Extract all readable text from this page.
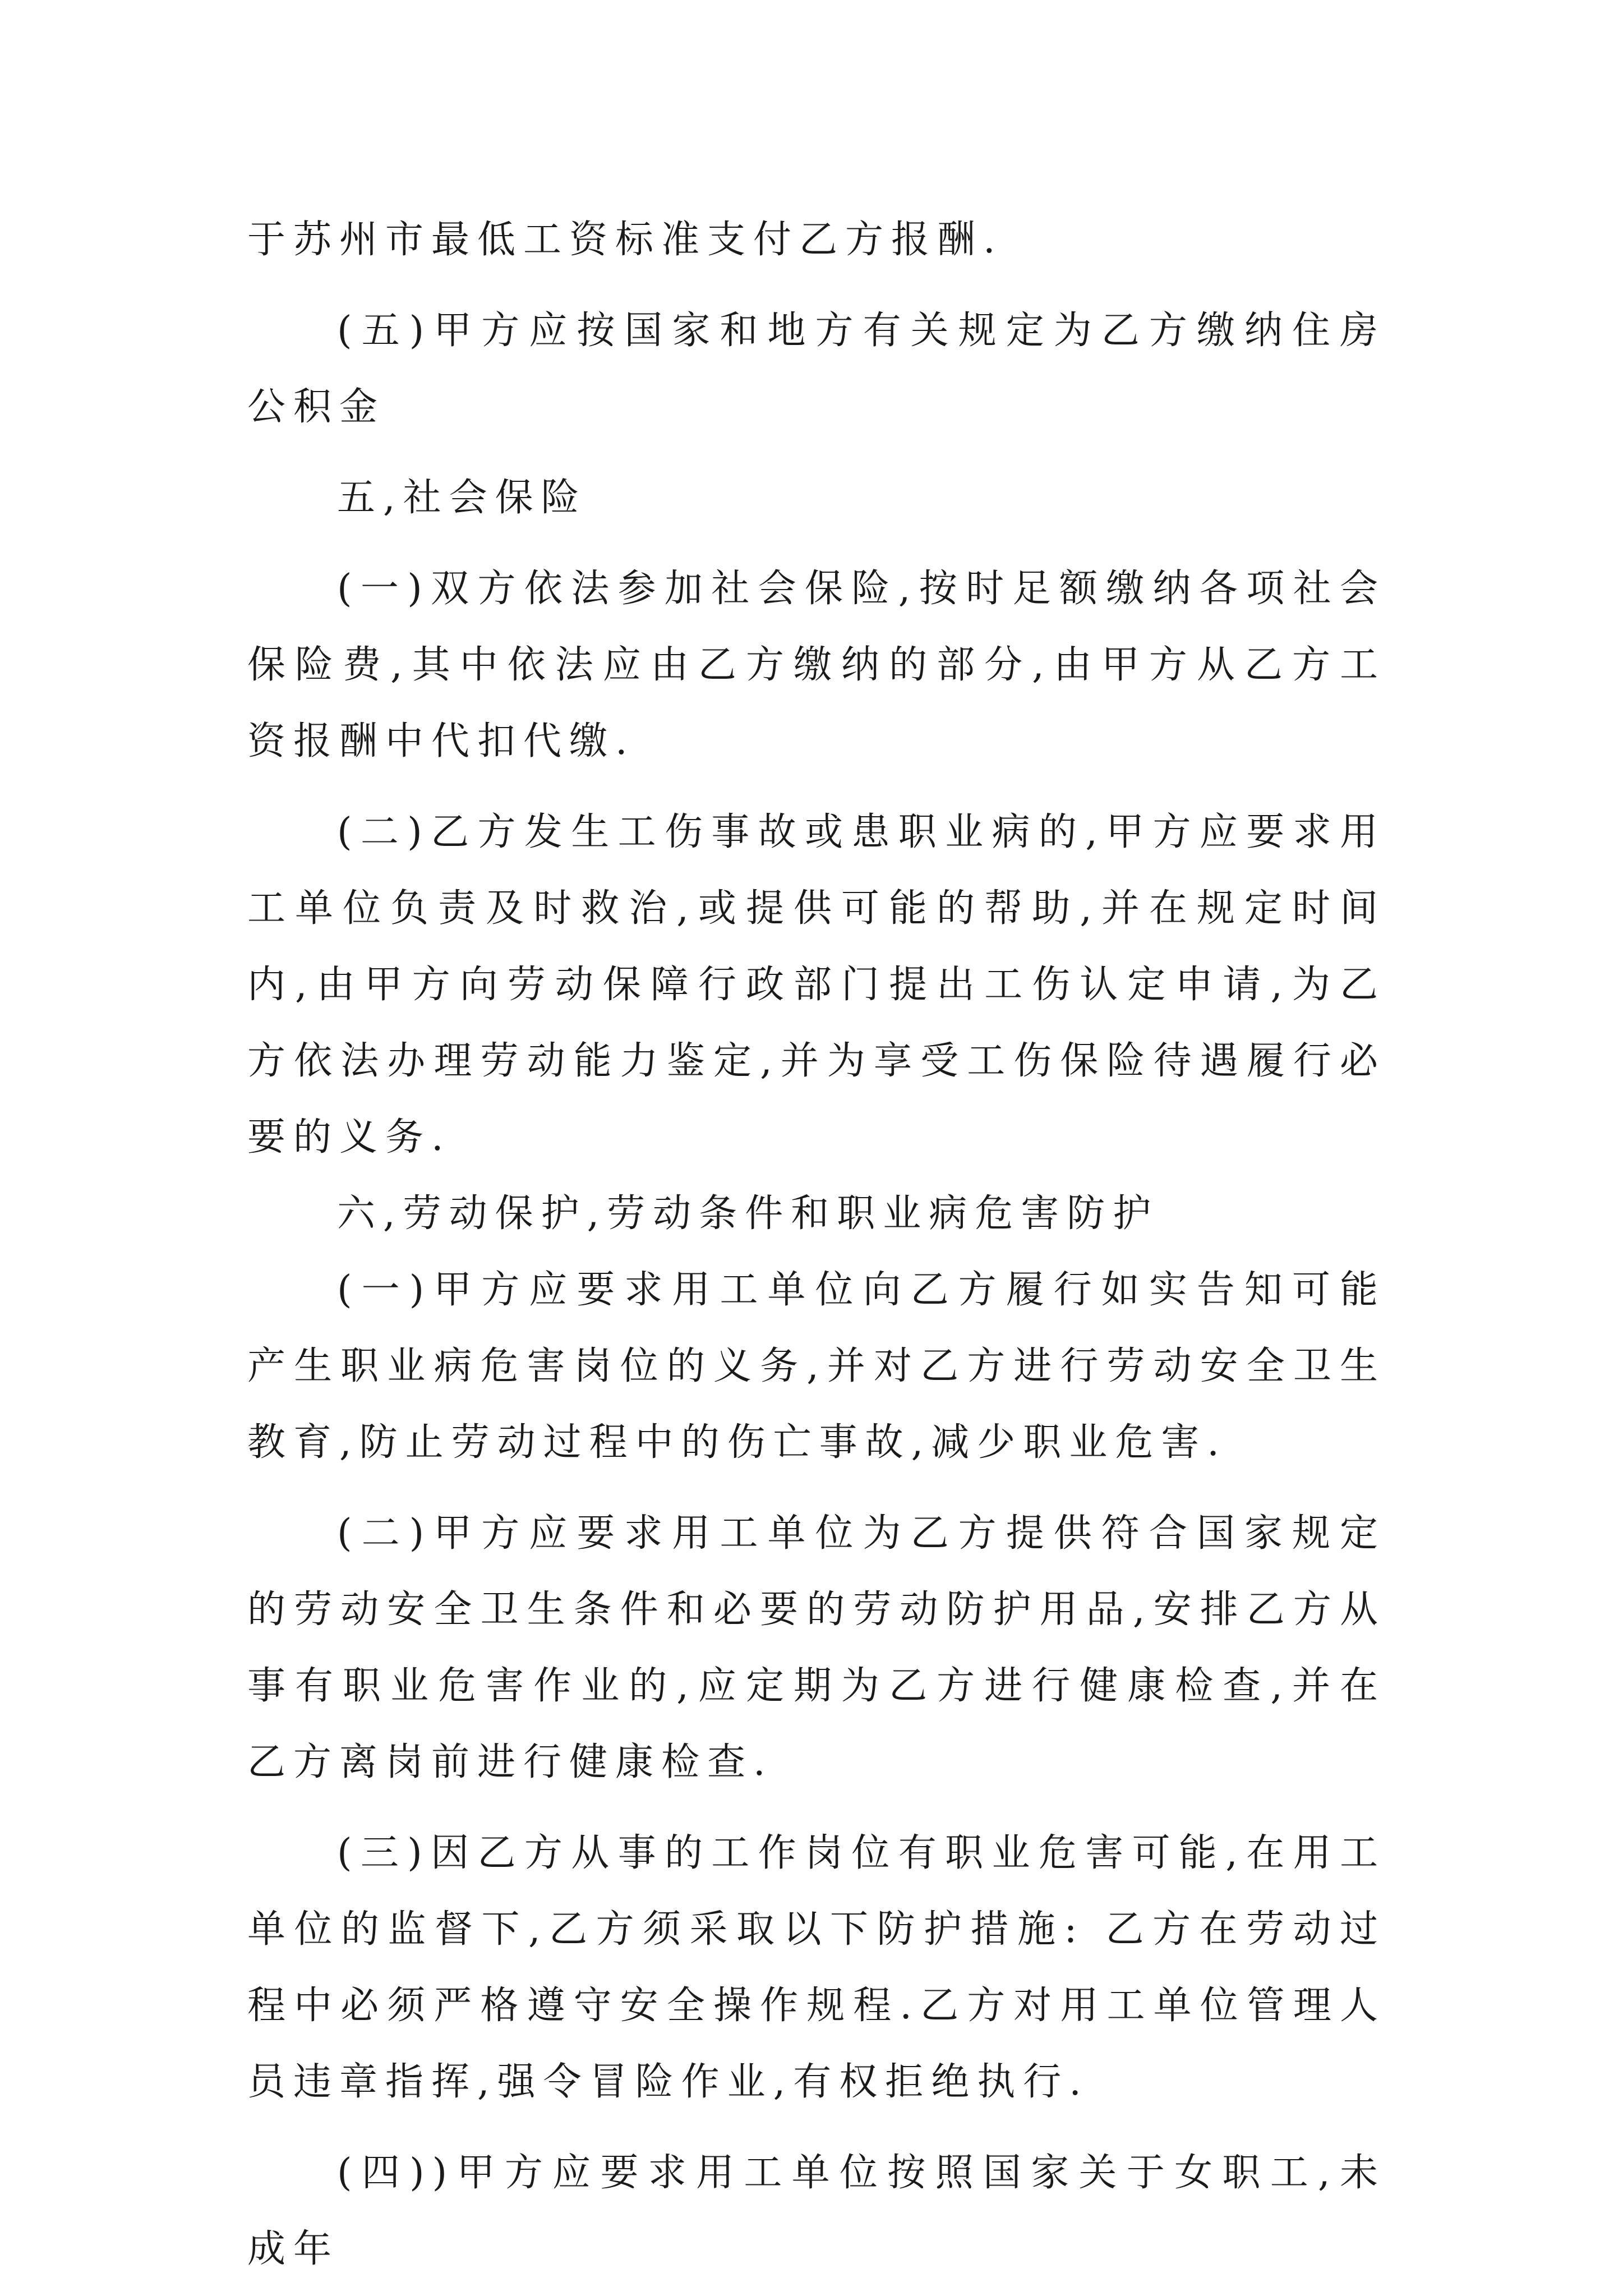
于苏州市最低工资标准支付乙方报酬.

(五)甲方应按国家和地方有关规定为乙方缴纳住房公积金

五,社会保险

(一)双方依法参加社会保险,按时足额缴纳各项社会保险费,其中依法应由乙方缴纳的部分,由甲方从乙方工资报酬中代扣代缴.

(二)乙方发生工伤事故或患职业病的,甲方应要求用工单位负责及时救治,或提供可能的帮助,并在规定时间内,由甲方向劳动保障行政部门提出工伤认定申请,为乙方依法办理劳动能力鉴定,并为享受工伤保险待遇履行必要的义务.

六,劳动保护,劳动条件和职业病危害防护

(一)甲方应要求用工单位向乙方履行如实告知可能产生职业病危害岗位的义务,并对乙方进行劳动安全卫生教育,防止劳动过程中的伤亡事故,减少职业危害.

(二)甲方应要求用工单位为乙方提供符合国家规定的劳动安全卫生条件和必要的劳动防护用品,安排乙方从事有职业危害作业的,应定期为乙方进行健康检查,并在乙方离岗前进行健康检查.

(三)因乙方从事的工作岗位有职业危害可能,在用工单位的监督下,乙方须采取以下防护措施: 乙方在劳动过程中必须严格遵守安全操作规程.乙方对用工单位管理人员违章指挥,强令冒险作业,有权拒绝执行.

(四))甲方应要求用工单位按照国家关于女职工,未成年
